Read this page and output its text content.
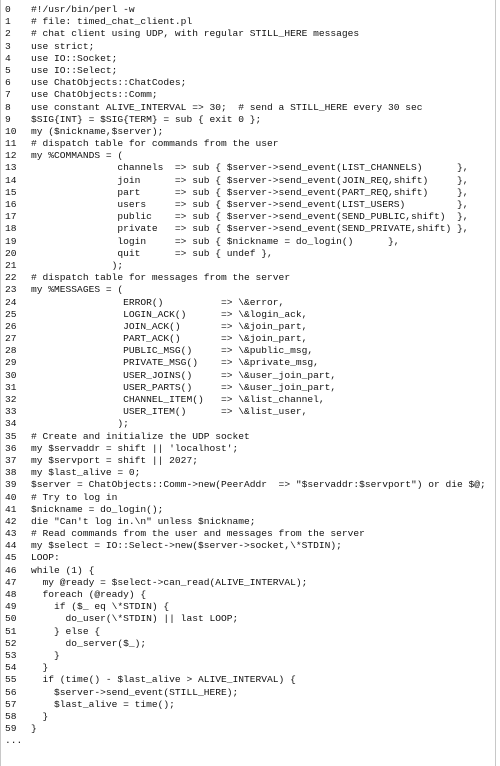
0 #!/usr/bin/perl -w
1 # file: timed_chat_client.pl
2 # chat client using UDP, with regular STILL_HERE messages
3 use strict;
4 use IO::Socket;
5 use IO::Select;
6 use ChatObjects::ChatCodes;
7 use ChatObjects::Comm;
8 use constant ALIVE_INTERVAL => 30;  # send a STILL_HERE every 30 sec
9 $SIG{INT} = $SIG{TERM} = sub { exit 0 };
10 my ($nickname,$server);
11 # dispatch table for commands from the user
12 my %COMMANDS = (
13               channels  => sub { $server->send_event(LIST_CHANNELS)      },
14               join      => sub { $server->send_event(JOIN_REQ,shift)     },
15               part      => sub { $server->send_event(PART_REQ,shift)     },
16               users     => sub { $server->send_event(LIST_USERS)         },
17               public    => sub { $server->send_event(SEND_PUBLIC,shift)  },
18               private   => sub { $server->send_event(SEND_PRIVATE,shift) },
19               login     => sub { $nickname = do_login()      },
20               quit      => sub { undef },
21              );
22 # dispatch table for messages from the server
23 my %MESSAGES = (
24                ERROR()          => \&error,
25                LOGIN_ACK()      => \&login_ack,
26                JOIN_ACK()       => \&join_part,
27                PART_ACK()       => \&join_part,
28                PUBLIC_MSG()     => \&public_msg,
29                PRIVATE_MSG()    => \&private_msg,
30                USER_JOINS()     => \&user_join_part,
31                USER_PARTS()     => \&user_join_part,
32                CHANNEL_ITEM()   => \&list_channel,
33                USER_ITEM()      => \&list_user,
34               );
35 # Create and initialize the UDP socket
36 my $servaddr = shift || 'localhost';
37 my $servport = shift || 2027;
38 my $last_alive = 0;
39 $server = ChatObjects::Comm->new(PeerAddr  => "$servaddr:$servport") or die $@;
40 # Try to log in
41 $nickname = do_login();
42 die "Can't log in.\n" unless $nickname;
43 # Read commands from the user and messages from the server
44 my $select = IO::Select->new($server->socket,\*STDIN);
45 LOOP:
46 while (1) {
47  my @ready = $select->can_read(ALIVE_INTERVAL);
48  foreach (@ready) {
49    if ($_ eq \*STDIN) {
50      do_user(\*STDIN) || last LOOP;
51    } else {
52      do_server($_);
53    }
54  }
55  if (time() - $last_alive > ALIVE_INTERVAL) {
56    $server->send_event(STILL_HERE);
57    $last_alive = time();
58  }
59 }
...
